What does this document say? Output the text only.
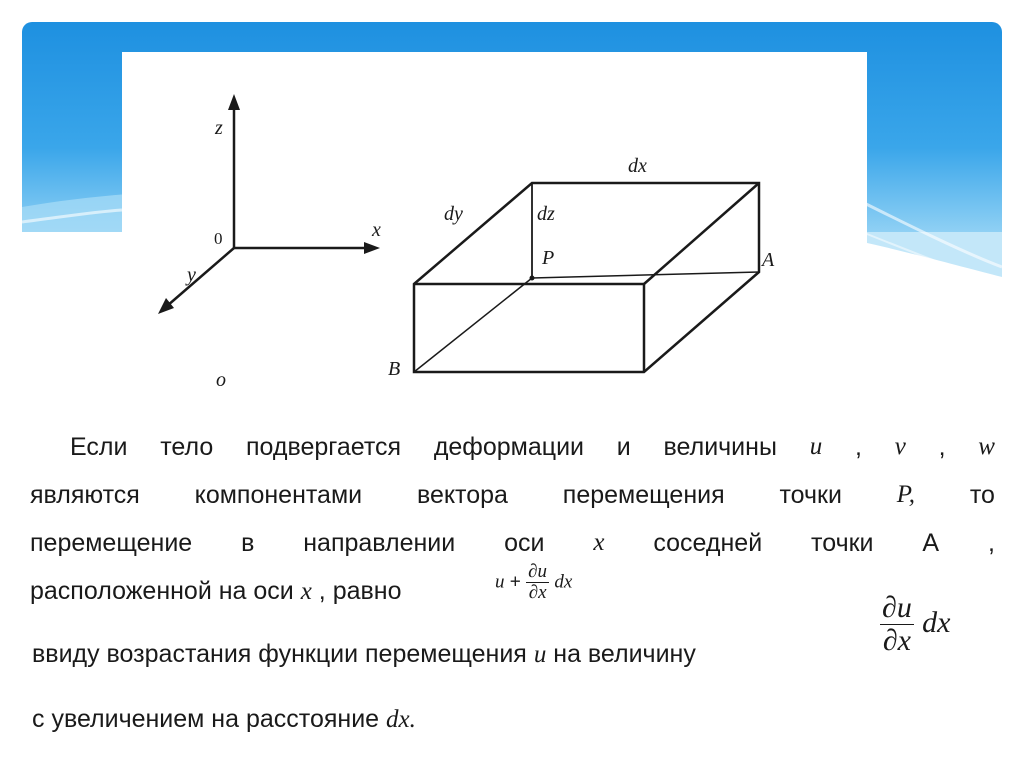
z
x
y
0
o
dx
dy	dz
P	A
B
Если тело подвергается деформации и величины u , v , w
являются компонентами вектора перемещения точки P, то
перемещение в направлении оси x соседней точки A ,
расположенной на оси x , равно	$u + \frac{\partial u}{\partial x}$ dx
ввиду возрастания функции перемещения u на величину	$\frac{\partial u}{\partial x}$ dx
с увеличением на расстояние dx.
